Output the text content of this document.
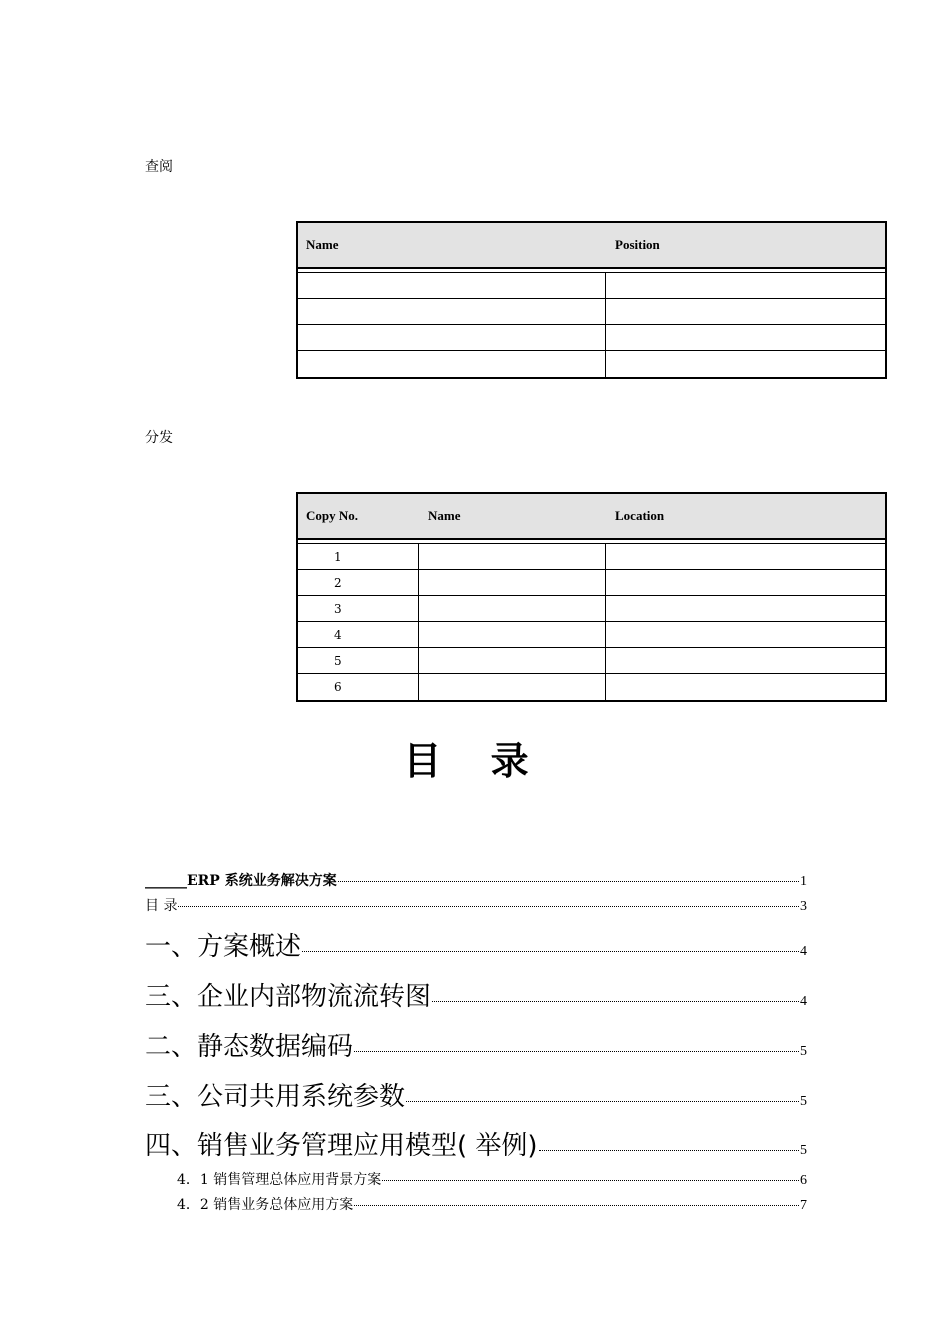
查阅
Name	Position
分发
Copy No.	Name	Location
1
2
3
4
5
6
目 录
______ERP 系统业务解决方案	1
目 录	3
一、方案概述	4
三、企业内部物流流转图	4
二、静态数据编码	5
三、公司共用系统参数	5
四、销售业务管理应用模型( 举例)	5
4．1 销售管理总体应用背景方案	6
4．2 销售业务总体应用方案	7
